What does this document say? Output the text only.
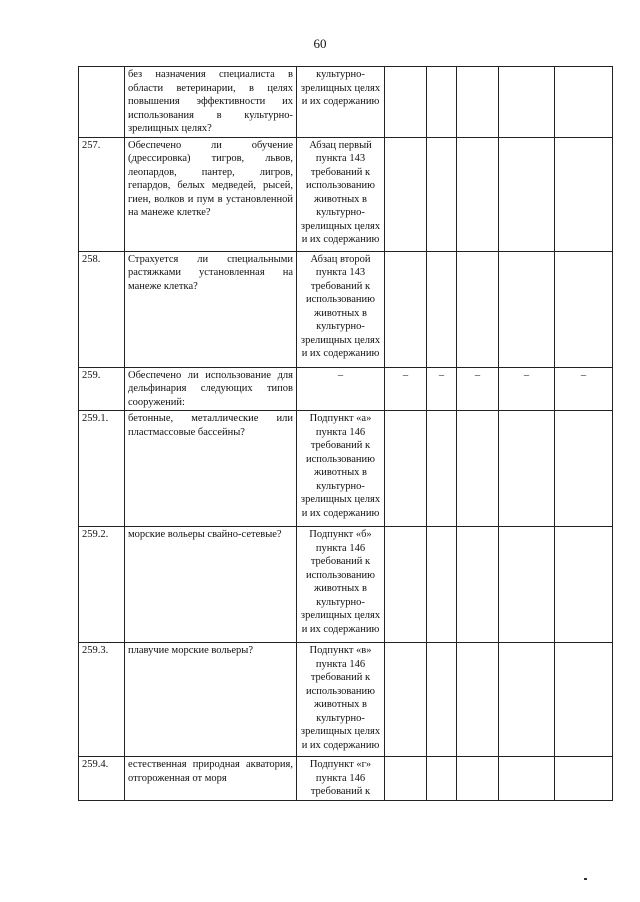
60
	без назначения специалиста в области ветеринарии, в целях повышения эффективности их использования в культурно-зрелищных целях?	культурно-зрелищных целях и их содержанию					
257.	Обеспечено ли обучение (дрессировка) тигров, львов, леопардов, пантер, лигров, гепардов, белых медведей, рысей, гиен, волков и пум в установленной на манеже клетке?	Абзац первый пункта 143 требований к использованию животных в культурно-зрелищных целях и их содержанию					
258.	Страхуется ли специальными растяжками установленная на манеже клетка?	Абзац второй пункта 143 требований к использованию животных в культурно-зрелищных целях и их содержанию					
259.	Обеспечено ли использование для дельфинария следующих типов сооружений:	–	–	–	–	–	–
259.1.	бетонные, металлические или пластмассовые бассейны?	Подпункт «а» пункта 146 требований к использованию животных в культурно-зрелищных целях и их содержанию					
259.2.	морские вольеры свайно-сетевые?	Подпункт «б» пункта 146 требований к использованию животных в культурно-зрелищных целях и их содержанию					
259.3.	плавучие морские вольеры?	Подпункт «в» пункта 146 требований к использованию животных в культурно-зрелищных целях и их содержанию					
259.4.	естественная природная акватория, отгороженная от моря	Подпункт «г» пункта 146 требований к					
